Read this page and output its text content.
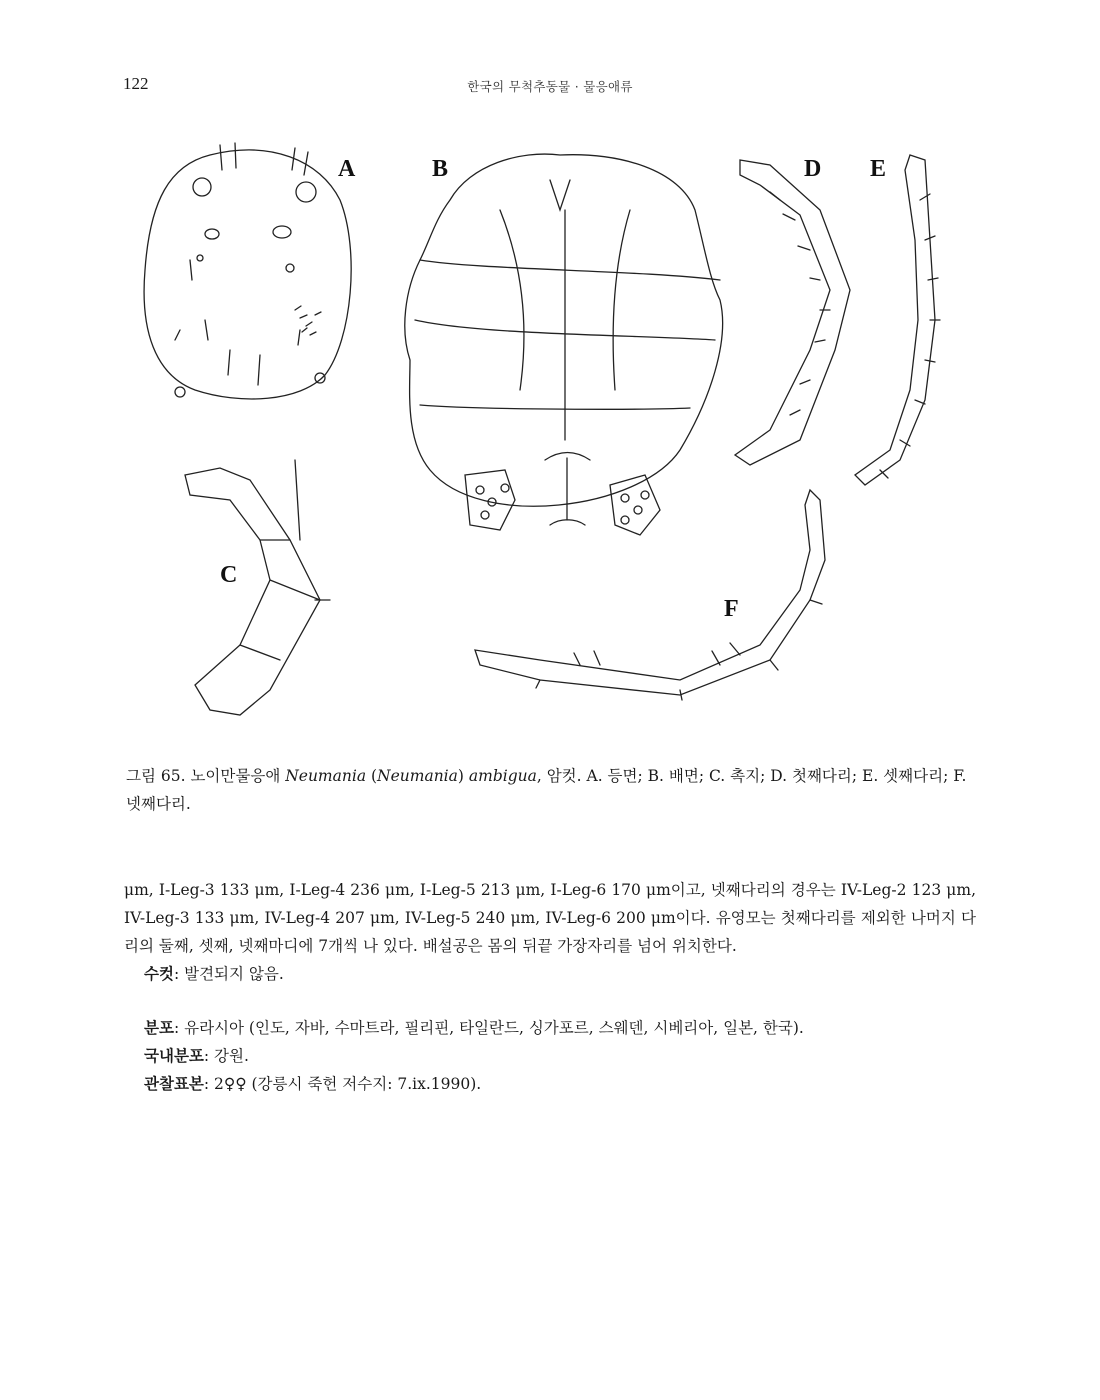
122	한국의 무척추동물 · 물응애류
A	B
C
D E
F
그림 65. 노이만물응애 Neumania (Neumania) ambigua, 암컷. A. 등면; B. 배면; C. 촉지; D. 첫째다리; E. 셋째다리; F. 넷째다리.

μm, I-Leg-3 133 μm, I-Leg-4 236 μm, I-Leg-5 213 μm, I-Leg-6 170 μm이고, 넷째다리의 경우는 IV-Leg-2 123 μm, IV-Leg-3 133 μm, IV-Leg-4 207 μm, IV-Leg-5 240 μm, IV-Leg-6 200 μm이다. 유영모는 첫째다리를 제외한 나머지 다리의 둘째, 셋째, 넷째마디에 7개씩 나 있다. 배설공은 몸의 뒤끝 가장자리를 넘어 위치한다.

수컷: 발견되지 않음.

분포: 유라시아 (인도, 자바, 수마트라, 필리핀, 타일란드, 싱가포르, 스웨덴, 시베리아, 일본, 한국).

국내분포: 강원.

관찰표본: 2♀♀ (강릉시 죽헌 저수지: 7.ix.1990).
